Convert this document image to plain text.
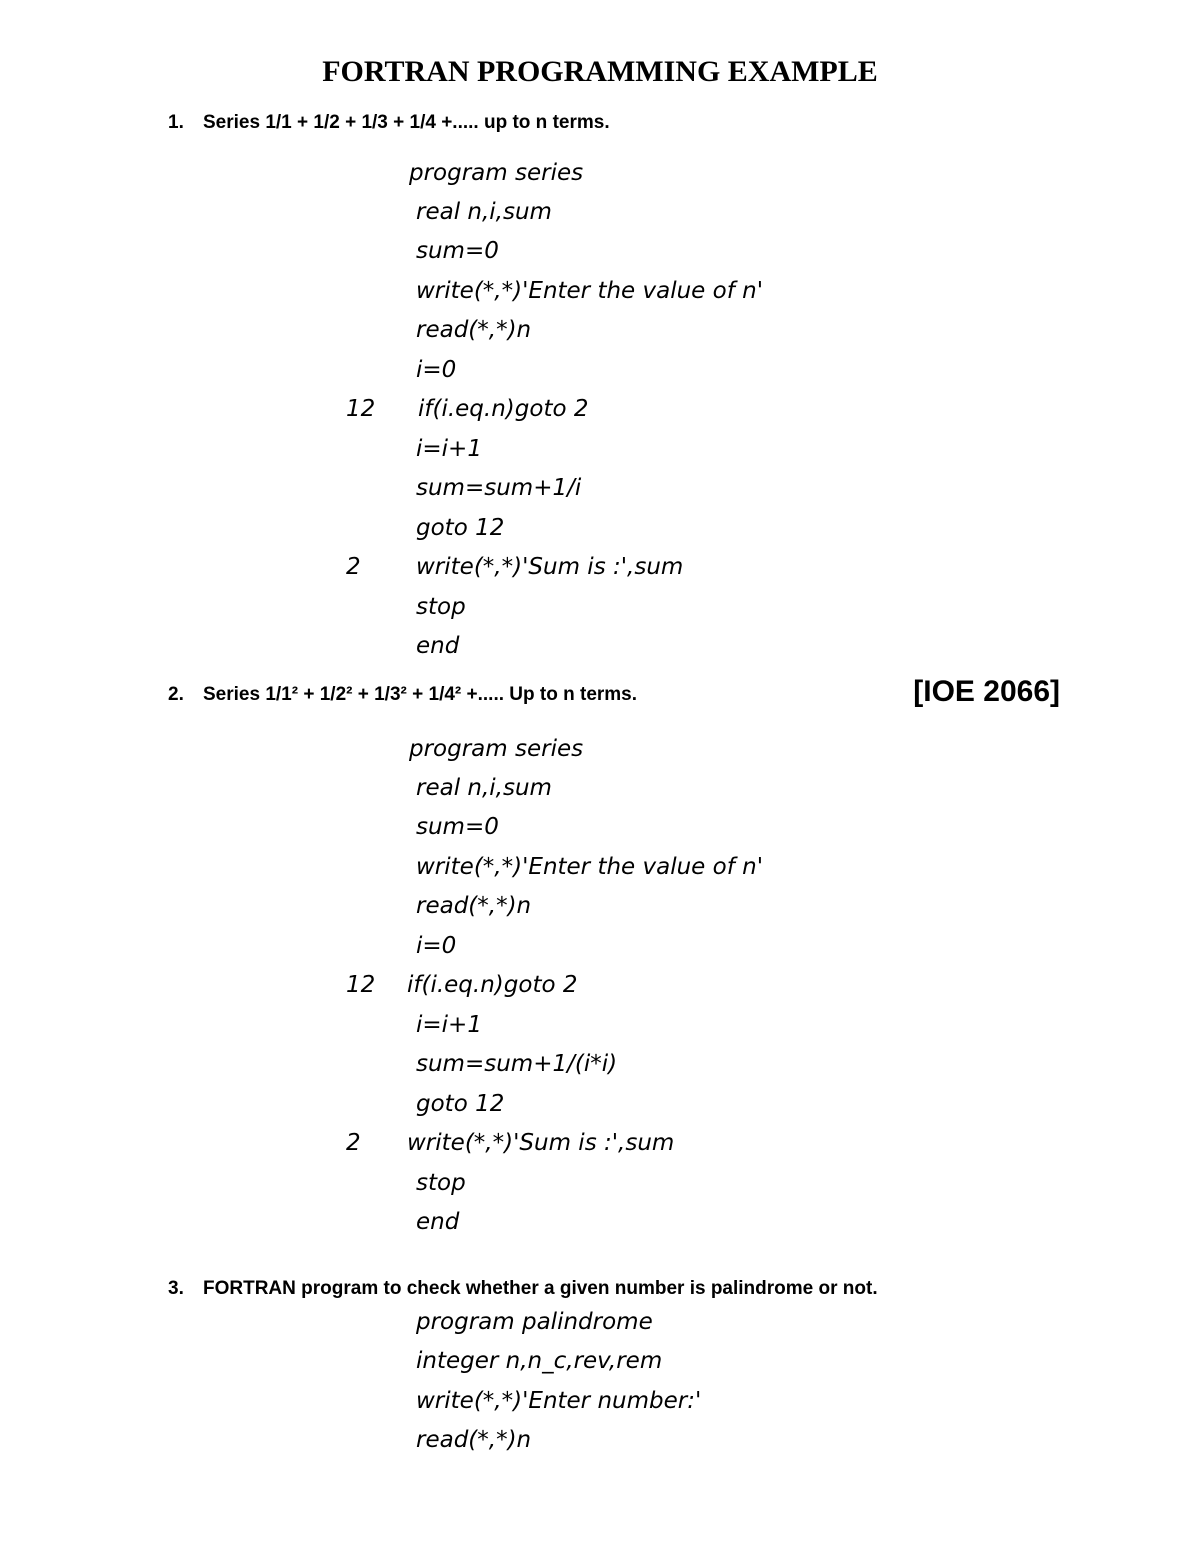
FORTRAN PROGRAMMING EXAMPLE
1. Series 1/1 + 1/2 + 1/3 + 1/4 +..... up to n terms.

program series

real n,i,sum

sum=0

write(*,*)'Enter the value of n'

read(*,*)n

i=0

12

if(i.eq.n)goto 2

i=i+1

sum=sum+1/i

goto 12

2

write(*,*)'Sum is :',sum

stop

end

2. Series 1/1² + 1/2² + 1/3² + 1/4² +..... Up to n terms.	[IOE 2066]

program series

real n,i,sum

sum=0

write(*,*)'Enter the value of n'

read(*,*)n

i=0

12

if(i.eq.n)goto 2

i=i+1

sum=sum+1/(i*i)

goto 12

2

write(*,*)'Sum is :',sum

stop

end

3. FORTRAN program to check whether a given number is palindrome or not.

program palindrome

integer n,n_c,rev,rem

write(*,*)'Enter number:'

read(*,*)n
